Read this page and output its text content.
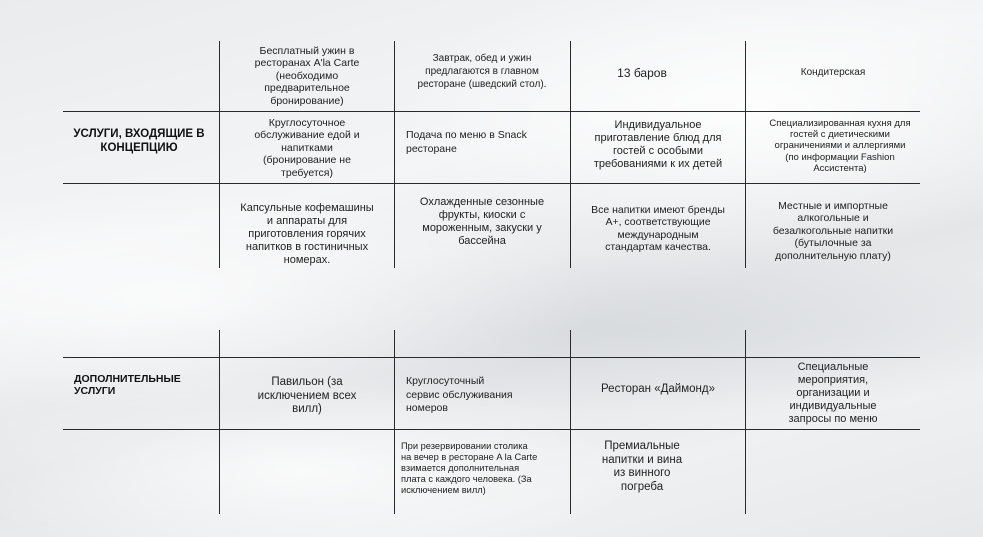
УСЛУГИ, ВХОДЯЩИЕ В
КОНЦЕПЦИЮ
Бесплатный ужин в
ресторанах A'la Carte
(необходимо
предварительное
бронирование)
Завтрак, обед и ужин
предлагаются в главном
ресторане (шведский стол).
13 баров	Кондитерская
Круглосуточное
обслуживание едой и
напитками
(бронирование не
требуется)
Подача по меню в Snack
ресторане
Индивидуальное
приготавление блюд для
гостей с особыми
требованиями к их детей
Специализированная кухня для
гостей с диетическими
ограничениями и аллергиями
(по информации Fashion
Ассистента)
Капсульные кофемашины
и аппараты для
приготовления горячих
напитков в гостиничных
номерах.
Охлажденные сезонные
фрукты, киоски с
мороженным, закуски у
бассейна
Все напитки имеют бренды
A+, соответствующие
международным
стандартам качества.
Местные и импортные
алкогольные и
безалкогольные напитки
(бутылочные за
дополнительную плату)
ДОПОЛНИТЕЛЬНЫЕ
УСЛУГИ
Павильон (за
исключением всех
вилл)
Круглосуточный
сервис обслуживания
номеров
Ресторан «Даймонд»
Специальные
мероприятия,
организации и
индивидуальные
запросы по меню
При резервировании столика
на вечер в ресторане A la Carte
взимается дополнительная
плата с каждого человека. (За
исключением вилл)
Премиальные
напитки и вина
из винного
погреба
